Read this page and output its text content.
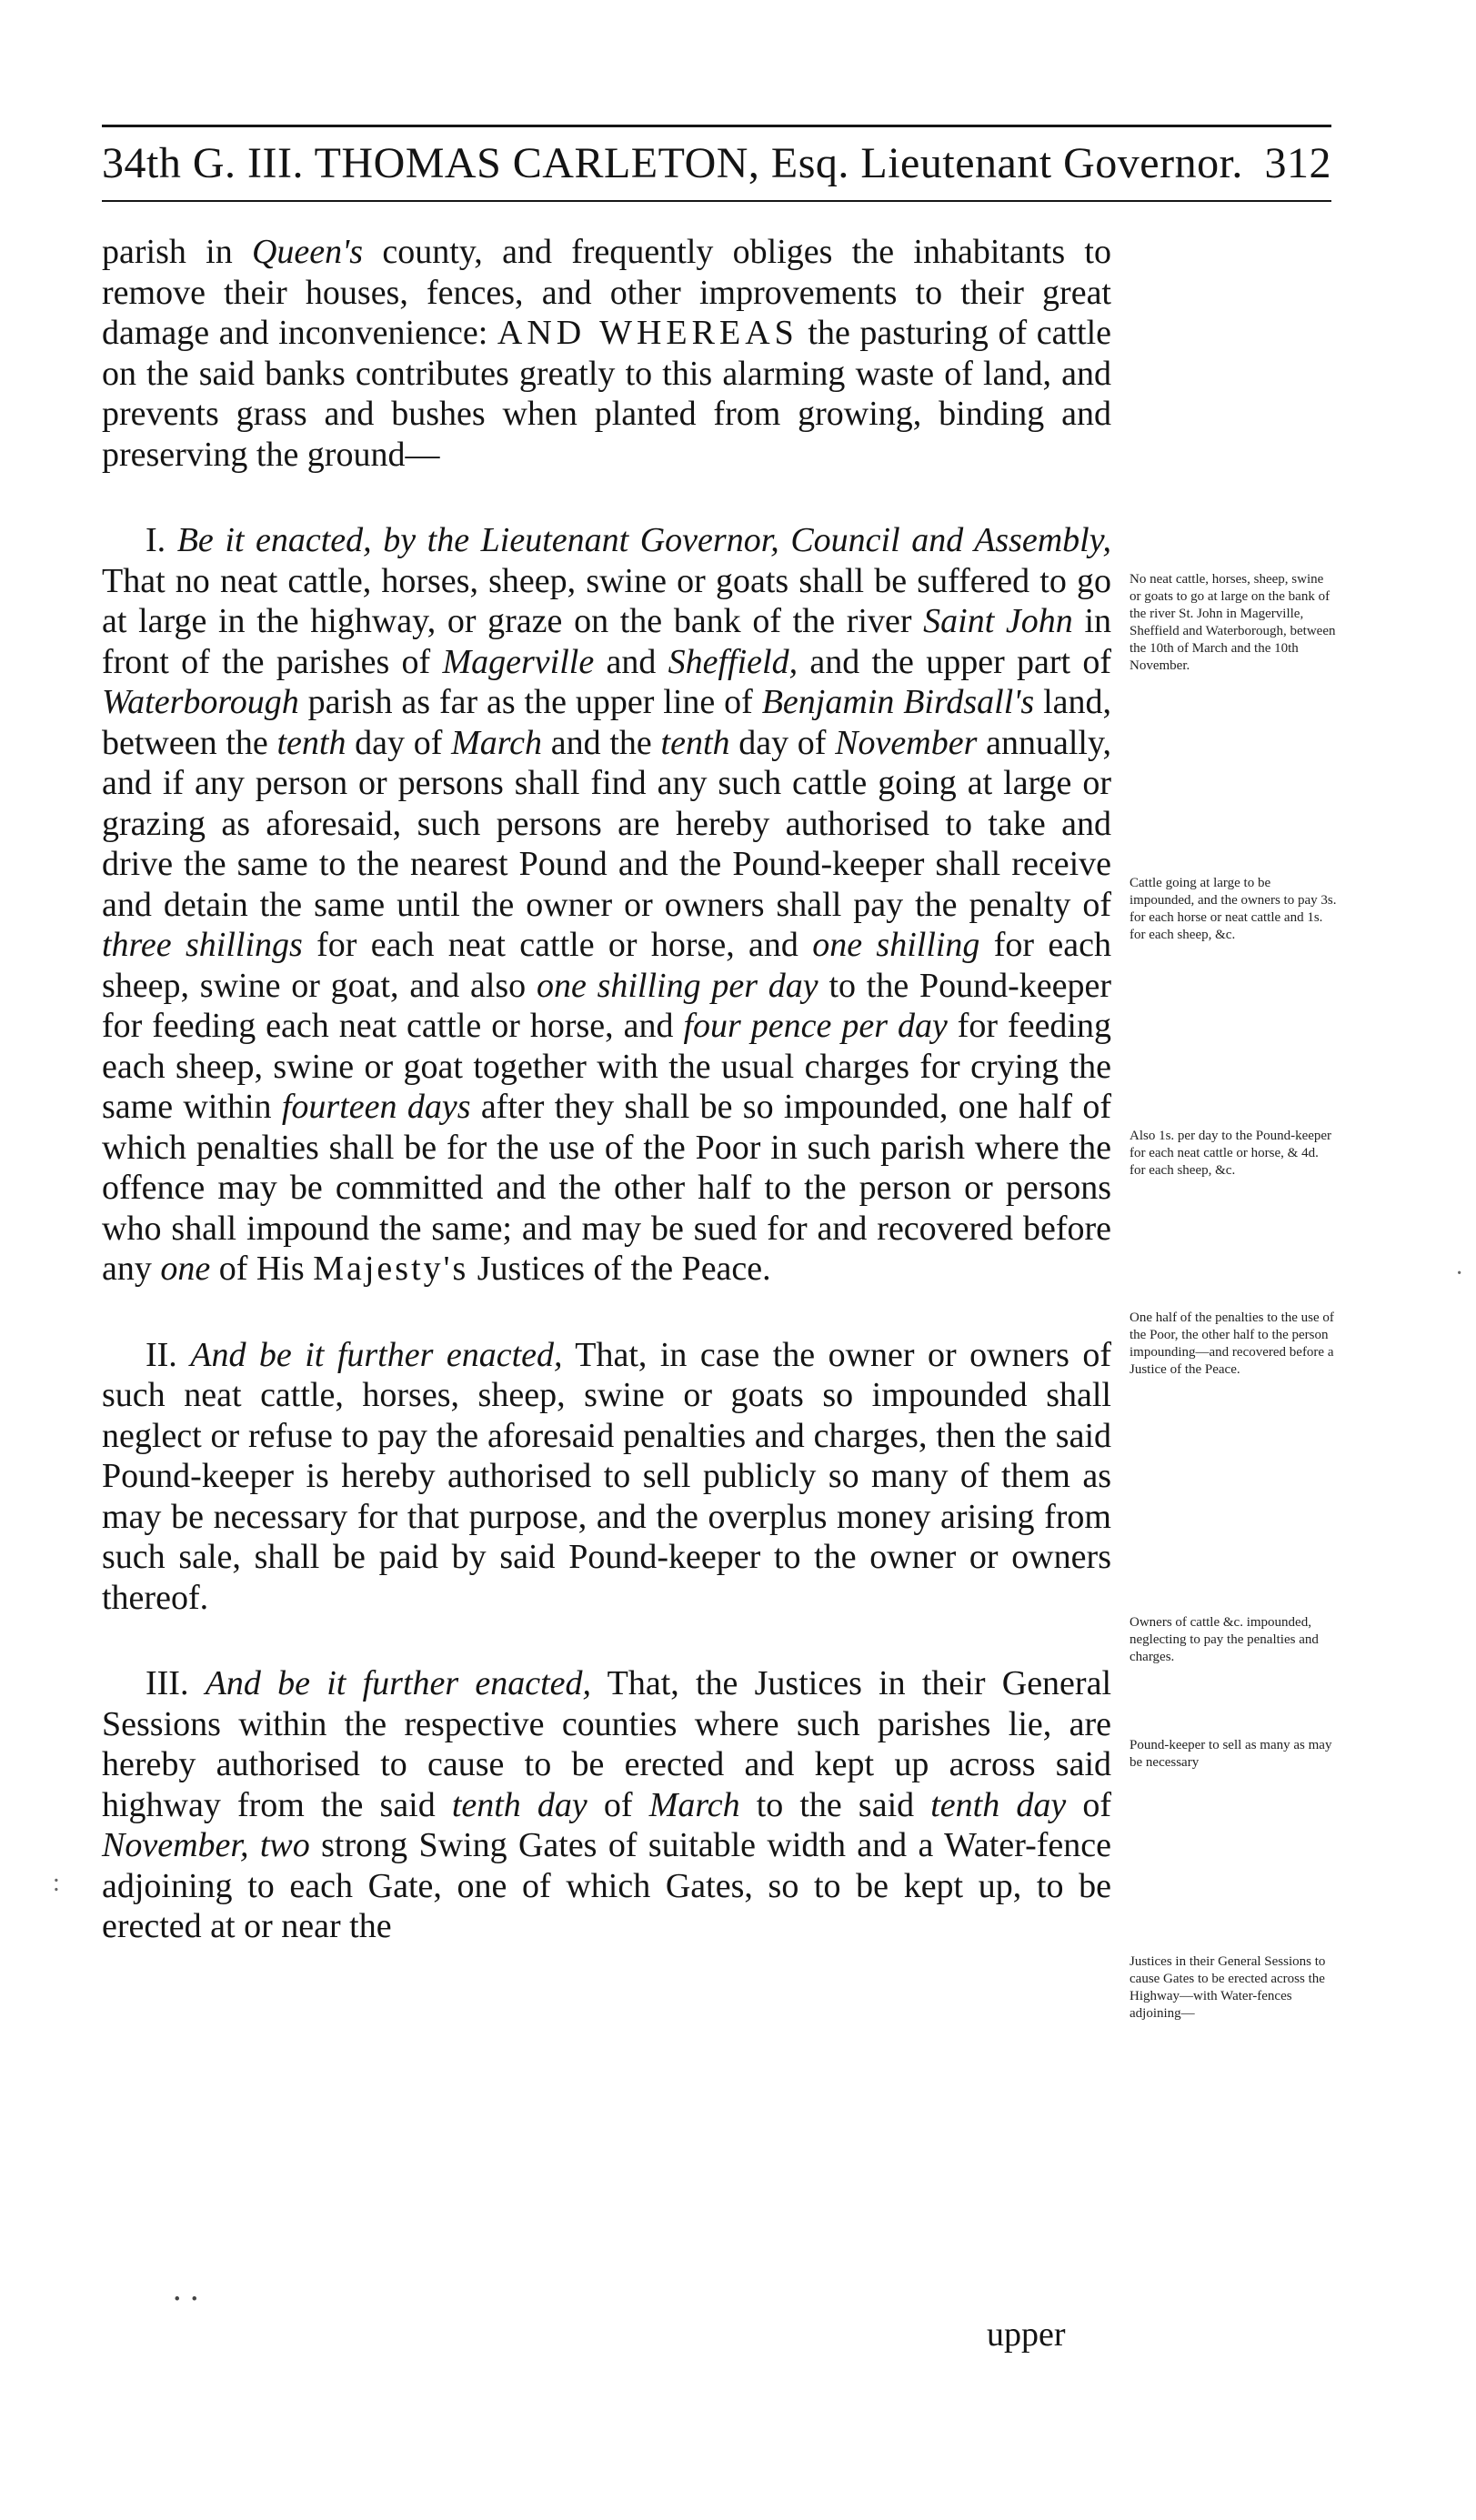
34th G. III. THOMAS CARLETON, Esq. Lieutenant Governor. 312

parish in Queen's county, and frequently obliges the inhabitants to remove their houses, fences, and other improvements to their great damage and inconvenience: AND WHEREAS the pasturing of cattle on the said banks contributes greatly to this alarming waste of land, and prevents grass and bushes when planted from growing, binding and preserving the ground—

I. Be it enacted, by the Lieutenant Governor, Council and Assembly, That no neat cattle, horses, sheep, swine or goats shall be suffered to go at large in the highway, or graze on the bank of the river Saint John in front of the parishes of Magerville and Sheffield, and the upper part of Waterborough parish as far as the upper line of Benjamin Birdsall's land, between the tenth day of March and the tenth day of November annually, and if any person or persons shall find any such cattle going at large or grazing as aforesaid, such persons are hereby authorised to take and drive the same to the nearest Pound and the Pound-keeper shall receive and detain the same until the owner or owners shall pay the penalty of three shillings for each neat cattle or horse, and one shilling for each sheep, swine or goat, and also one shilling per day to the Pound-keeper for feeding each neat cattle or horse, and four pence per day for feeding each sheep, swine or goat together with the usual charges for crying the same within fourteen days after they shall be so impounded, one half of which penalties shall be for the use of the Poor in such parish where the offence may be committed and the other half to the person or persons who shall impound the same; and may be sued for and recovered before any one of His Majesty's Justices of the Peace.

II. And be it further enacted, That, in case the owner or owners of such neat cattle, horses, sheep, swine or goats so impounded shall neglect or refuse to pay the aforesaid penalties and charges, then the said Pound-keeper is hereby authorised to sell publicly so many of them as may be necessary for that purpose, and the overplus money arising from such sale, shall be paid by said Pound-keeper to the owner or owners thereof.

III. And be it further enacted, That, the Justices in their General Sessions within the respective counties where such parishes lie, are hereby authorised to cause to be erected and kept up across said highway from the said tenth day of March to the said tenth day of November, two strong Swing Gates of suitable width and a Water-fence adjoining to each Gate, one of which Gates, so to be kept up, to be erected at or near the

. .
upper
No neat cattle, horses, sheep, swine or goats to go at large on the bank of the river St. John in Magerville, Sheffield and Waterborough, between the 10th of March and the 10th November.
Cattle going at large to be impounded, and the owners to pay 3s. for each horse or neat cattle and 1s. for each sheep, &c.
Also 1s. per day to the Pound-keeper for each neat cattle or horse, & 4d. for each sheep, &c.
One half of the penalties to the use of the Poor, the other half to the person impounding—and recovered before a Justice of the Peace.
Owners of cattle &c. impounded, neglecting to pay the penalties and charges.
Pound-keeper to sell as many as may be necessary
Justices in their General Sessions to cause Gates to be erected across the Highway—with Water-fences adjoining—
·
:
